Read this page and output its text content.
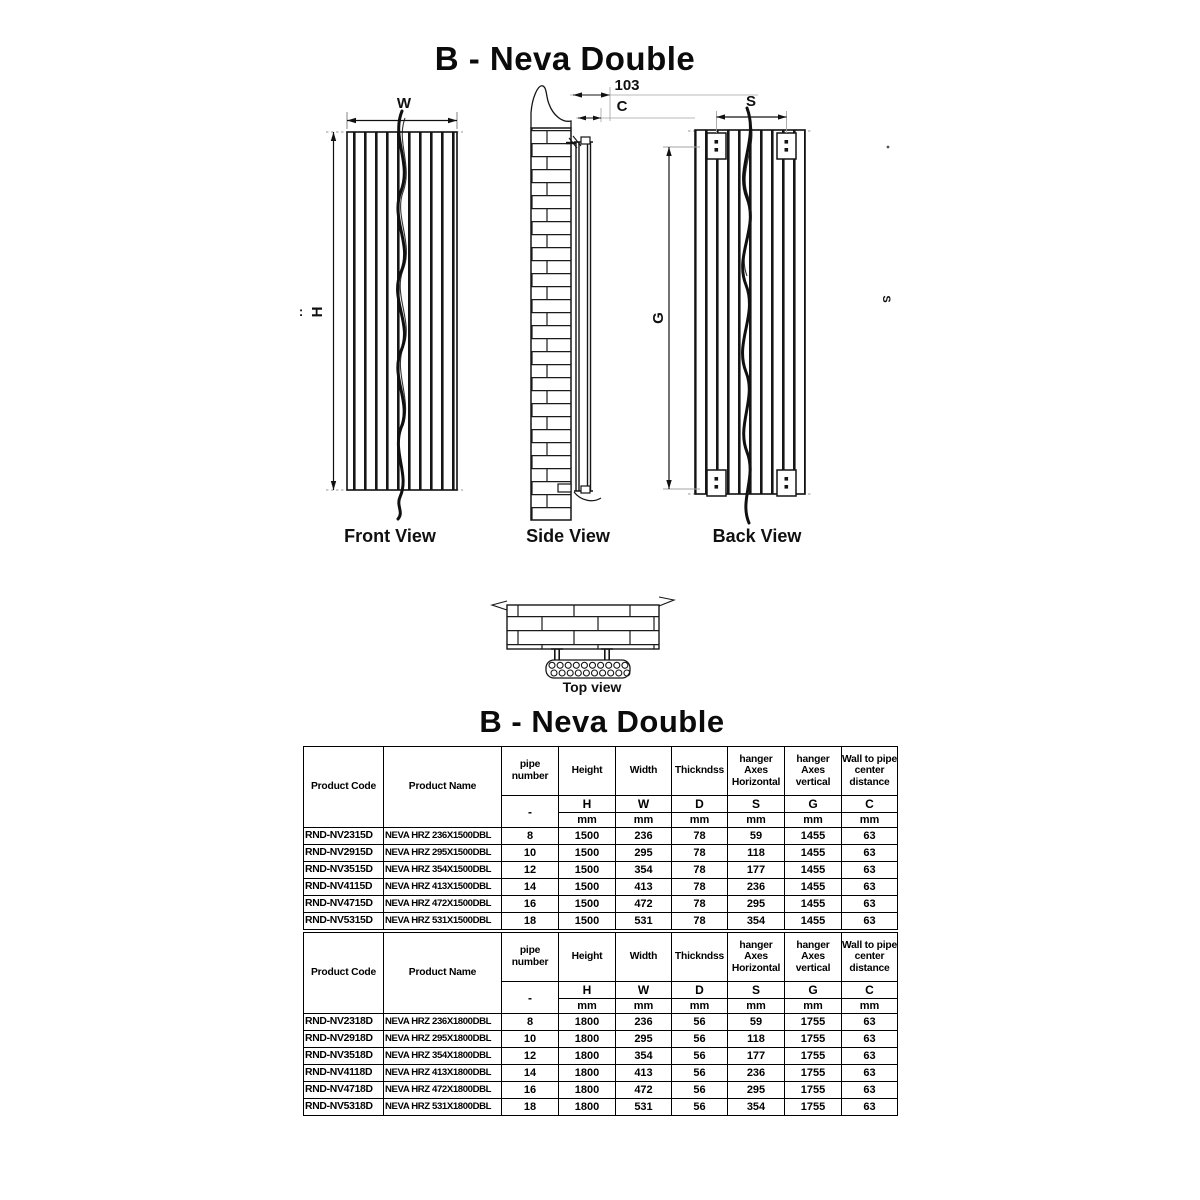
B - Neva Double
W
H
:
Front View
103
C
Side View
S
G
Back View
S
Top view
B - Neva Double
Product Code	Product Name	pipe number	Height	Width	Thickndss	hanger Axes Horizontal	hanger Axes vertical	Wall to pipe center distance
		-	H	W	D	S	G	C
			mm	mm	mm	mm	mm	mm
RND-NV2315D	NEVA HRZ 236X1500DBL	8	1500	236	78	59	1455	63
RND-NV2915D	NEVA HRZ 295X1500DBL	10	1500	295	78	118	1455	63
RND-NV3515D	NEVA HRZ 354X1500DBL	12	1500	354	78	177	1455	63
RND-NV4115D	NEVA HRZ 413X1500DBL	14	1500	413	78	236	1455	63
RND-NV4715D	NEVA HRZ 472X1500DBL	16	1500	472	78	295	1455	63
RND-NV5315D	NEVA HRZ 531X1500DBL	18	1500	531	78	354	1455	63
Product Code	Product Name	pipe number	Height	Width	Thickndss	hanger Axes Horizontal	hanger Axes vertical	Wall to pipe center distance
		-	H	W	D	S	G	C
			mm	mm	mm	mm	mm	mm
RND-NV2318D	NEVA HRZ 236X1800DBL	8	1800	236	56	59	1755	63
RND-NV2918D	NEVA HRZ 295X1800DBL	10	1800	295	56	118	1755	63
RND-NV3518D	NEVA HRZ 354X1800DBL	12	1800	354	56	177	1755	63
RND-NV4118D	NEVA HRZ 413X1800DBL	14	1800	413	56	236	1755	63
RND-NV4718D	NEVA HRZ 472X1800DBL	16	1800	472	56	295	1755	63
RND-NV5318D	NEVA HRZ 531X1800DBL	18	1800	531	56	354	1755	63
